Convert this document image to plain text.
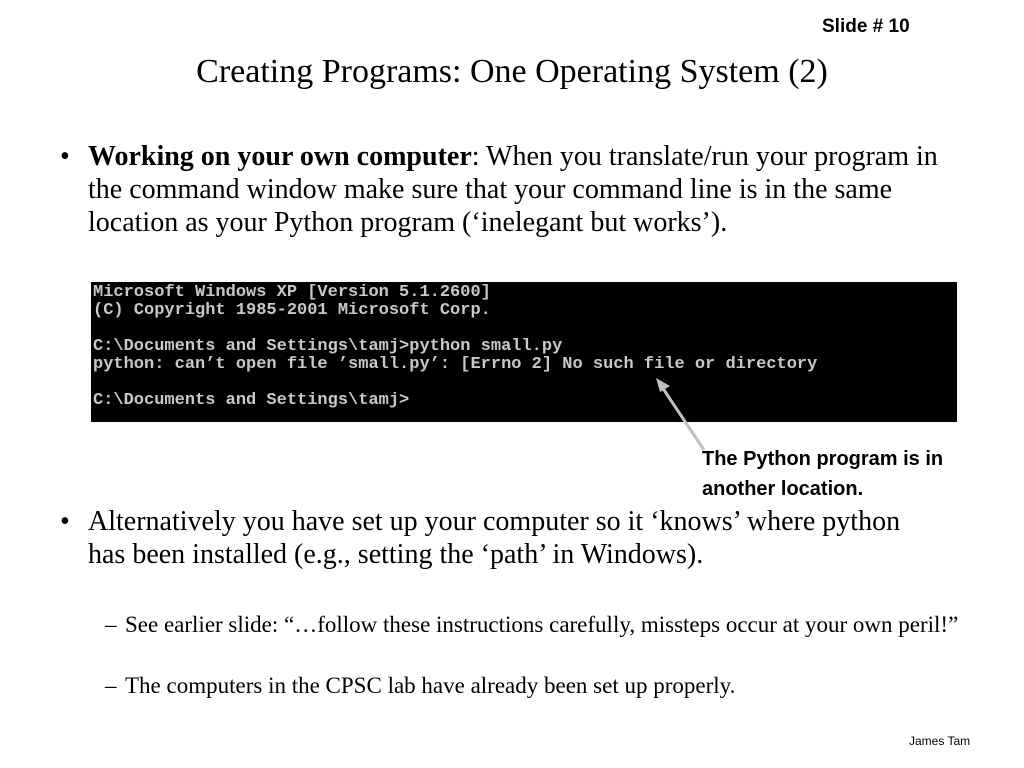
Slide # 10
Creating Programs: One Operating System (2)
• Working on your own computer: When you translate/run your program in the command window make sure that your command line is in the same location as your Python program (‘inelegant but works’).
Microsoft Windows XP [Version 5.1.2600]
(C) Copyright 1985-2001 Microsoft Corp.
C:\Documents and Settings\tamj>python small.py
python: can’t open file ’small.py’: [Errno 2] No such file or directory
C:\Documents and Settings\tamj>
The Python program is in another location.
• Alternatively you have set up your computer so it ‘knows’ where python has been installed (e.g., setting the ‘path’ in Windows).
– See earlier slide: “…follow these instructions carefully, missteps occur at your own peril!”
– The computers in the CPSC lab have already been set up properly.
James Tam
